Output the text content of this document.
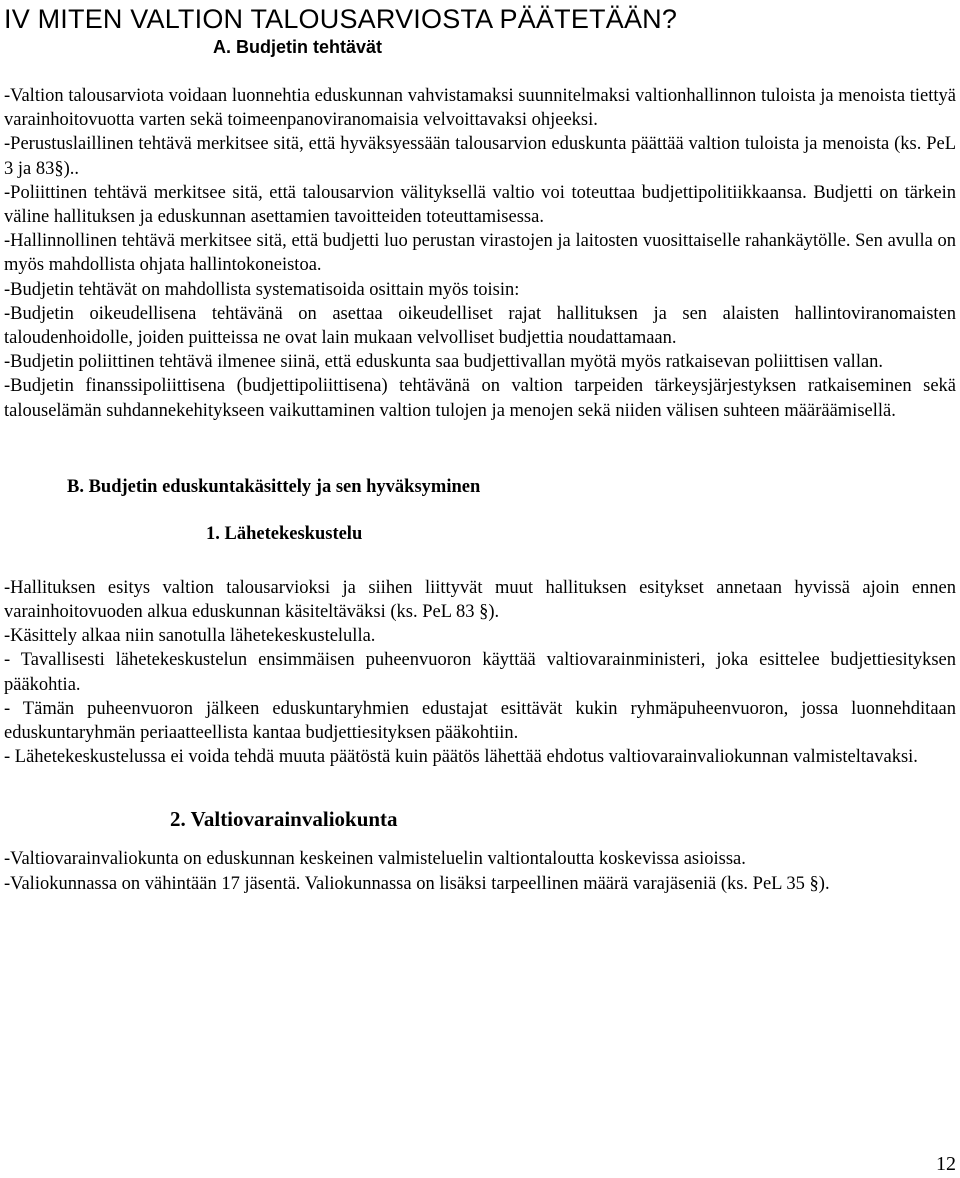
IV MITEN VALTION TALOUSARVIOSTA PÄÄTETÄÄN?
A. Budjetin tehtävät

-Valtion talousarviota voidaan luonnehtia eduskunnan vahvistamaksi suunnitelmaksi valtionhallinnon tuloista ja menoista tiettyä varainhoitovuotta varten sekä toimeenpanoviranomaisia velvoittavaksi ohjeeksi.

-Perustuslaillinen tehtävä merkitsee sitä, että hyväksyessään talousarvion eduskunta päättää valtion tuloista ja menoista (ks. PeL 3 ja 83§)..

-Poliittinen tehtävä merkitsee sitä, että talousarvion välityksellä valtio voi toteuttaa budjettipolitiikkaansa. Budjetti on tärkein väline hallituksen ja eduskunnan asettamien tavoitteiden toteuttamisessa.

-Hallinnollinen tehtävä merkitsee sitä, että budjetti luo perustan virastojen ja laitosten vuosittaiselle rahankäytölle. Sen avulla on myös mahdollista ohjata hallintokoneistoa.

-Budjetin tehtävät on mahdollista systematisoida osittain myös toisin:

-Budjetin oikeudellisena tehtävänä on asettaa oikeudelliset rajat hallituksen ja sen alaisten hallintoviranomaisten taloudenhoidolle, joiden puitteissa ne ovat lain mukaan velvolliset budjettia noudattamaan.

-Budjetin poliittinen tehtävä ilmenee siinä, että eduskunta saa budjettivallan myötä myös ratkaisevan poliittisen vallan.

-Budjetin finanssipoliittisena (budjettipoliittisena) tehtävänä on valtion tarpeiden tärkeysjärjestyksen ratkaiseminen sekä talouselämän suhdannekehitykseen vaikuttaminen valtion tulojen ja menojen sekä niiden välisen suhteen määräämisellä.

B. Budjetin eduskuntakäsittely ja sen hyväksyminen
1. Lähetekeskustelu

-Hallituksen esitys valtion talousarvioksi ja siihen liittyvät muut hallituksen esitykset annetaan hyvissä ajoin ennen varainhoitovuoden alkua eduskunnan käsiteltäväksi (ks. PeL 83 §).

-Käsittely alkaa niin sanotulla lähetekeskustelulla.

- Tavallisesti lähetekeskustelun ensimmäisen puheenvuoron käyttää valtiovarainministeri, joka esittelee budjettiesityksen pääkohtia.

- Tämän puheenvuoron jälkeen eduskuntaryhmien edustajat esittävät kukin ryhmäpuheenvuoron, jossa luonnehditaan eduskuntaryhmän periaatteellista kantaa budjettiesityksen pääkohtiin.

- Lähetekeskustelussa ei voida tehdä muuta päätöstä kuin päätös lähettää ehdotus valtiovarainvaliokunnan valmisteltavaksi.

2. Valtiovarainvaliokunta

-Valtiovarainvaliokunta on eduskunnan keskeinen valmisteluelin valtiontaloutta koskevissa asioissa.

-Valiokunnassa on vähintään 17 jäsentä. Valiokunnassa on lisäksi tarpeellinen määrä varajäseniä (ks. PeL 35 §).

12
